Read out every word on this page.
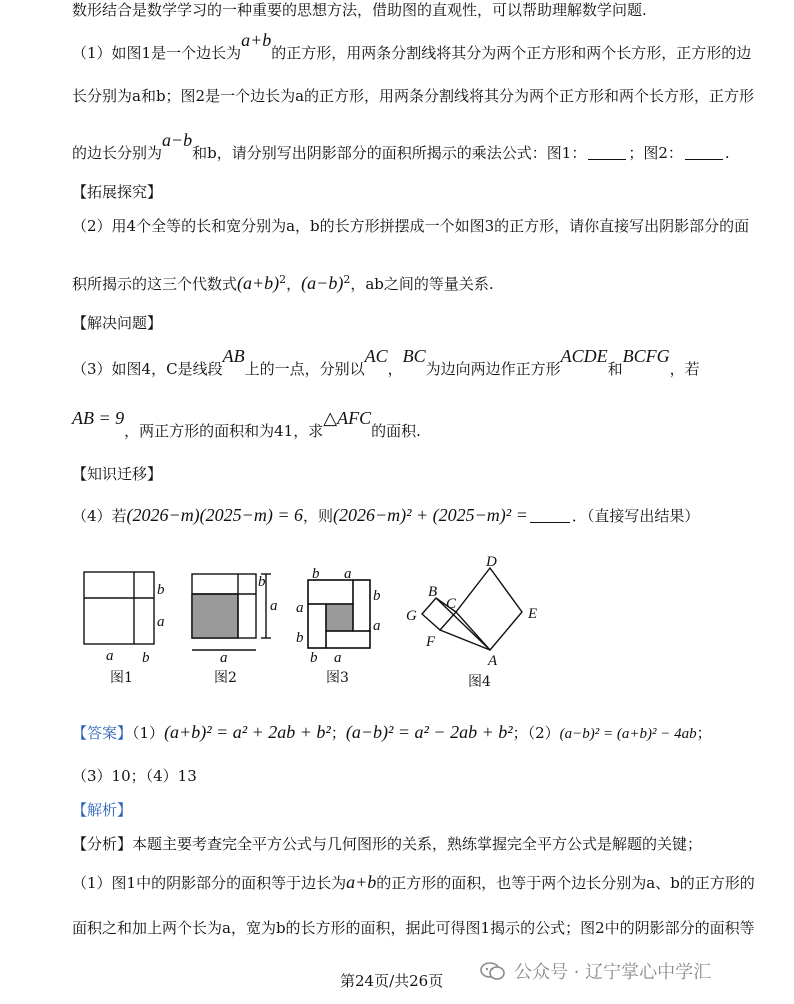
数形结合是数学学习的一种重要的思想方法，借助图的直观性，可以帮助理解数学问题.
（1）如图1是一个边长为a+b的正方形，用两条分割线将其分为两个正方形和两个长方形，正方形的边
长分别为a和b；图2是一个边长为a的正方形，用两条分割线将其分为两个正方形和两个长方形，正方形
的边长分别为a−b和b，请分别写出阴影部分的面积所揭示的乘法公式：图1：	；图2：	.
【拓展探究】
（2）用4个全等的长和宽分别为a，b的长方形拼摆成一个如图3的正方形，请你直接写出阴影部分的面
积所揭示的这三个代数式$(a+b)^2$，$(a-b)^2$，ab之间的等量关系.
【解决问题】
（3）如图4，C是线段AB上的一点，分别以AC，BC为边向两边作正方形ACDE和BCFG，若
AB = 9，两正方形的面积和为41，求△AFC的面积.
【知识迁移】
（4）若(2026−m)(2025−m) = 6，则(2026−m)² + (2025−m)² =	．（直接写出结果）
b
a
a b
b
a
a
b a
a
b
a
b
b a
D
B
C
G	E
F
A
图1	图2	图3	图4
【答案】（1）(a+b)² = a² + 2ab + b²；(a−b)² = a² − 2ab + b²；（2）(a−b)² = (a+b)² − 4ab；
（3）10；（4）13
【解析】
【分析】本题主要考查完全平方公式与几何图形的关系，熟练掌握完全平方公式是解题的关键；
（1）图1中的阴影部分的面积等于边长为a+b的正方形的面积，也等于两个边长分别为a、b的正方形的
面积之和加上两个长为a，宽为b的长方形的面积，据此可得图1揭示的公式；图2中的阴影部分的面积等
第24页/共26页	公众号 · 辽宁掌心中学汇
